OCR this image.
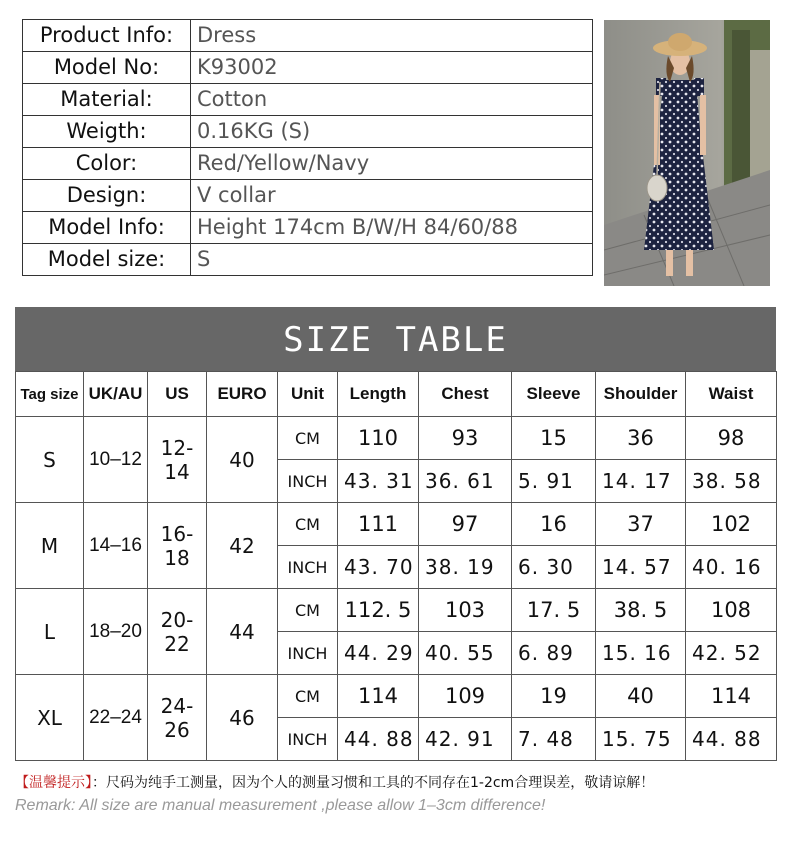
Product Info:	Dress
Model No:	K93002
Material:	Cotton
Weigth:	0.16KG (S)
Color:	Red/Yellow/Navy
Design:	V collar
Model Info:	Height 174cm B/W/H 84/60/88
Model size:	S
SIZE TABLE
Tag size	UK/AU	US	EURO	Unit	Length	Chest	Sleeve	Shoulder	Waist
S	10–12	12-14	40	CM	110	93	15	36	98
				INCH	43. 31	36. 61	5. 91	14. 17	38. 58
M	14–16	16-18	42	CM	111	97	16	37	102
				INCH	43. 70	38. 19	6. 30	14. 57	40. 16
L	18–20	20-22	44	CM	112. 5	103	17. 5	38. 5	108
				INCH	44. 29	40. 55	6. 89	15. 16	42. 52
XL	22–24	24-26	46	CM	114	109	19	40	114
				INCH	44. 88	42. 91	7. 48	15. 75	44. 88
【温馨提示】：尺码为纯手工测量，因为个人的测量习惯和工具的不同存在1-2cm合理误差，敬请谅解！
Remark: All size are manual measurement ,please allow 1–3cm difference!
